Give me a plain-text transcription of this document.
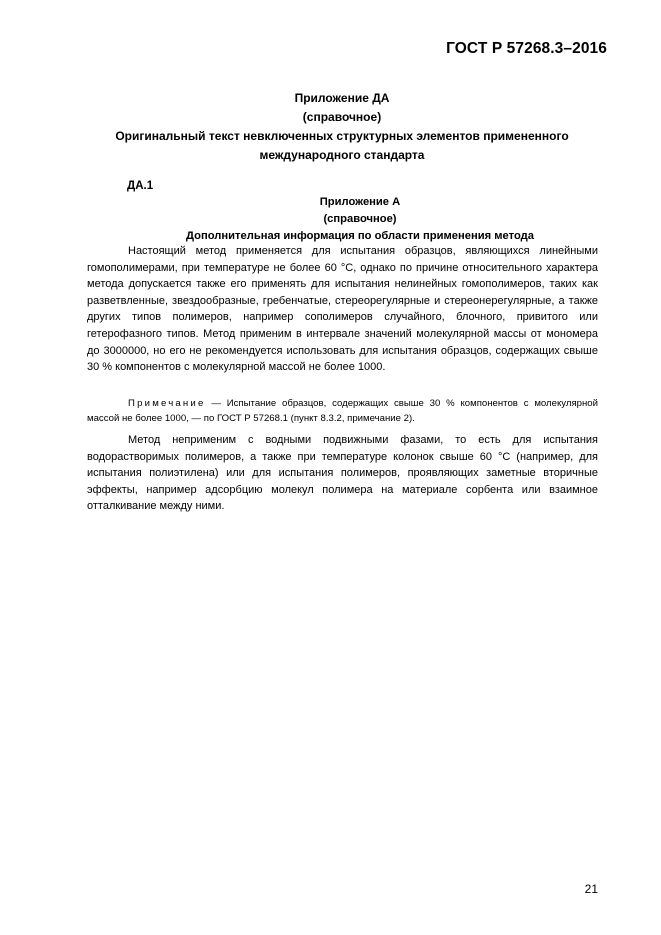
ГОСТ Р 57268.3–2016
Приложение ДА
(справочное)
Оригинальный текст невключенных структурных элементов примененного
международного стандарта
ДА.1
Приложение А
(справочное)
Дополнительная информация по области применения метода
Настоящий метод применяется для испытания образцов, являющихся линейными гомополимерами, при температуре не более 60 °С, однако по причине относительного характера метода допускается также его применять для испытания нелинейных гомополимеров, таких как разветвленные, звездообразные, гребенчатые, стереорегулярные и стереонерегулярные, а также других типов полимеров, например сополимеров случайного, блочного, привитого или гетерофазного типов. Метод применим в интервале значений молекулярной массы от мономера до 3000000, но его не рекомендуется использовать для испытания образцов, содержащих свыше 30 % компонентов с молекулярной массой не более 1000.
Примечание — Испытание образцов, содержащих свыше 30 % компонентов с молекулярной массой не более 1000, — по ГОСТ Р 57268.1 (пункт 8.3.2, примечание 2).
Метод неприменим с водными подвижными фазами, то есть для испытания водорастворимых полимеров, а также при температуре колонок свыше 60 °С (например, для испытания полиэтилена) или для испытания полимеров, проявляющих заметные вторичные эффекты, например адсорбцию молекул полимера на материале сорбента или взаимное отталкивание между ними.
21
